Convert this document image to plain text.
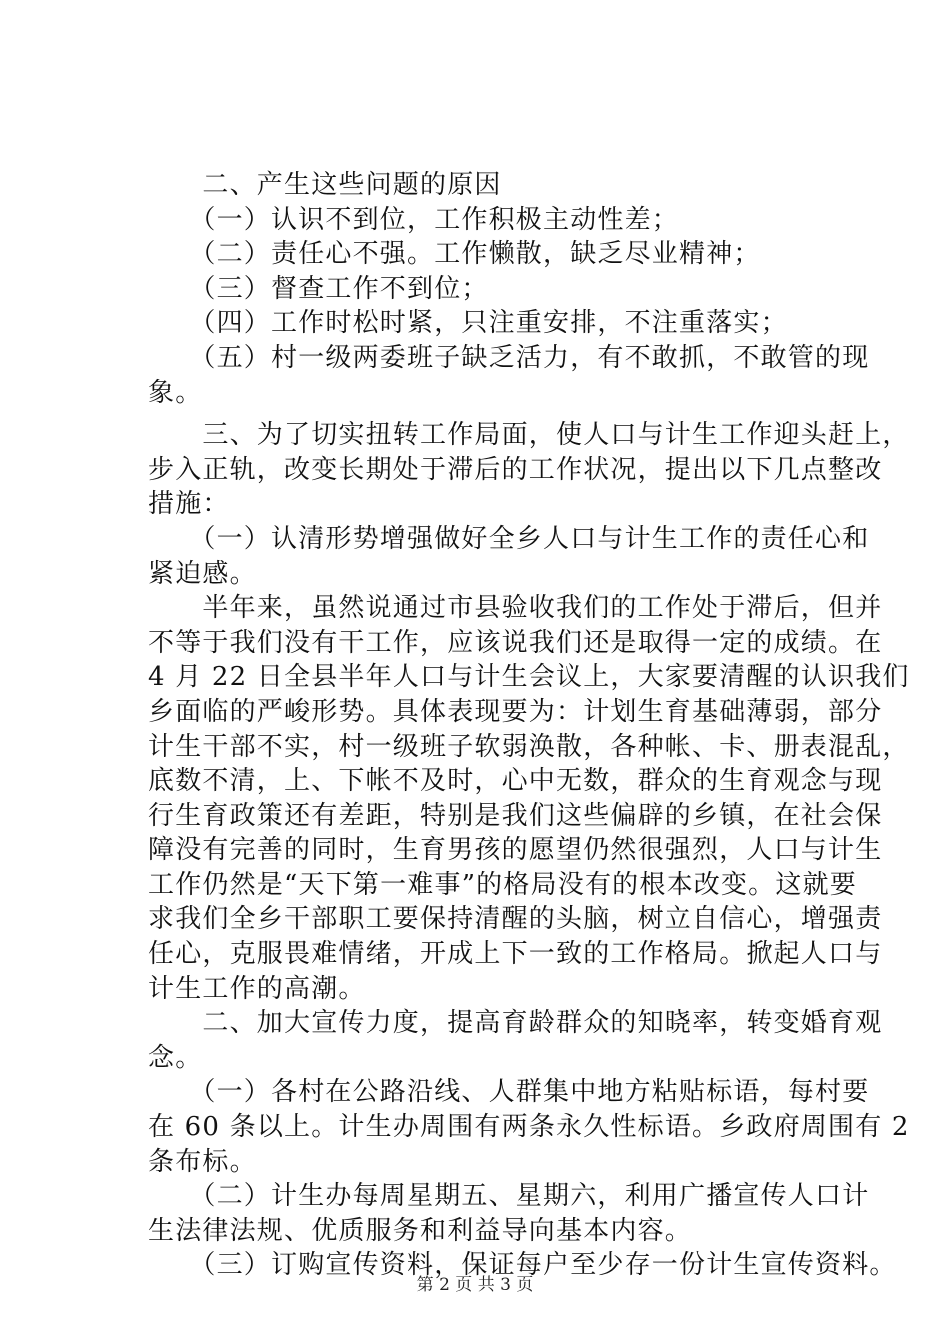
　　二、产生这些问题的原因
　　（一）认识不到位，工作积极主动性差；
　　（二）责任心不强。工作懒散，缺乏尽业精神；
　　（三）督查工作不到位；
　　（四）工作时松时紧，只注重安排，不注重落实；
　　（五）村一级两委班子缺乏活力，有不敢抓，不敢管的现
象。
　　三、为了切实扭转工作局面，使人口与计生工作迎头赶上，
步入正轨，改变长期处于滞后的工作状况，提出以下几点整改
措施：
　　（一）认清形势增强做好全乡人口与计生工作的责任心和
紧迫感。
　　半年来，虽然说通过市县验收我们的工作处于滞后，但并
不等于我们没有干工作，应该说我们还是取得一定的成绩。在
4 月 22 日全县半年人口与计生会议上，大家要清醒的认识我们
乡面临的严峻形势。具体表现要为：计划生育基础薄弱，部分
计生干部不实，村一级班子软弱涣散，各种帐、卡、册表混乱，
底数不清，上、下帐不及时，心中无数，群众的生育观念与现
行生育政策还有差距，特别是我们这些偏辟的乡镇，在社会保
障没有完善的同时，生育男孩的愿望仍然很强烈，人口与计生
工作仍然是“天下第一难事”的格局没有的根本改变。这就要
求我们全乡干部职工要保持清醒的头脑，树立自信心，增强责
任心，克服畏难情绪，开成上下一致的工作格局。掀起人口与
计生工作的高潮。
　　二、加大宣传力度，提高育龄群众的知晓率，转变婚育观
念。
　　（一）各村在公路沿线、人群集中地方粘贴标语，每村要
在 60 条以上。计生办周围有两条永久性标语。乡政府周围有 2
条布标。
　　（二）计生办每周星期五、星期六，利用广播宣传人口计
生法律法规、优质服务和利益导向基本内容。
　　（三）订购宣传资料，保证每户至少存一份计生宣传资料。
第 2 页 共 3 页
